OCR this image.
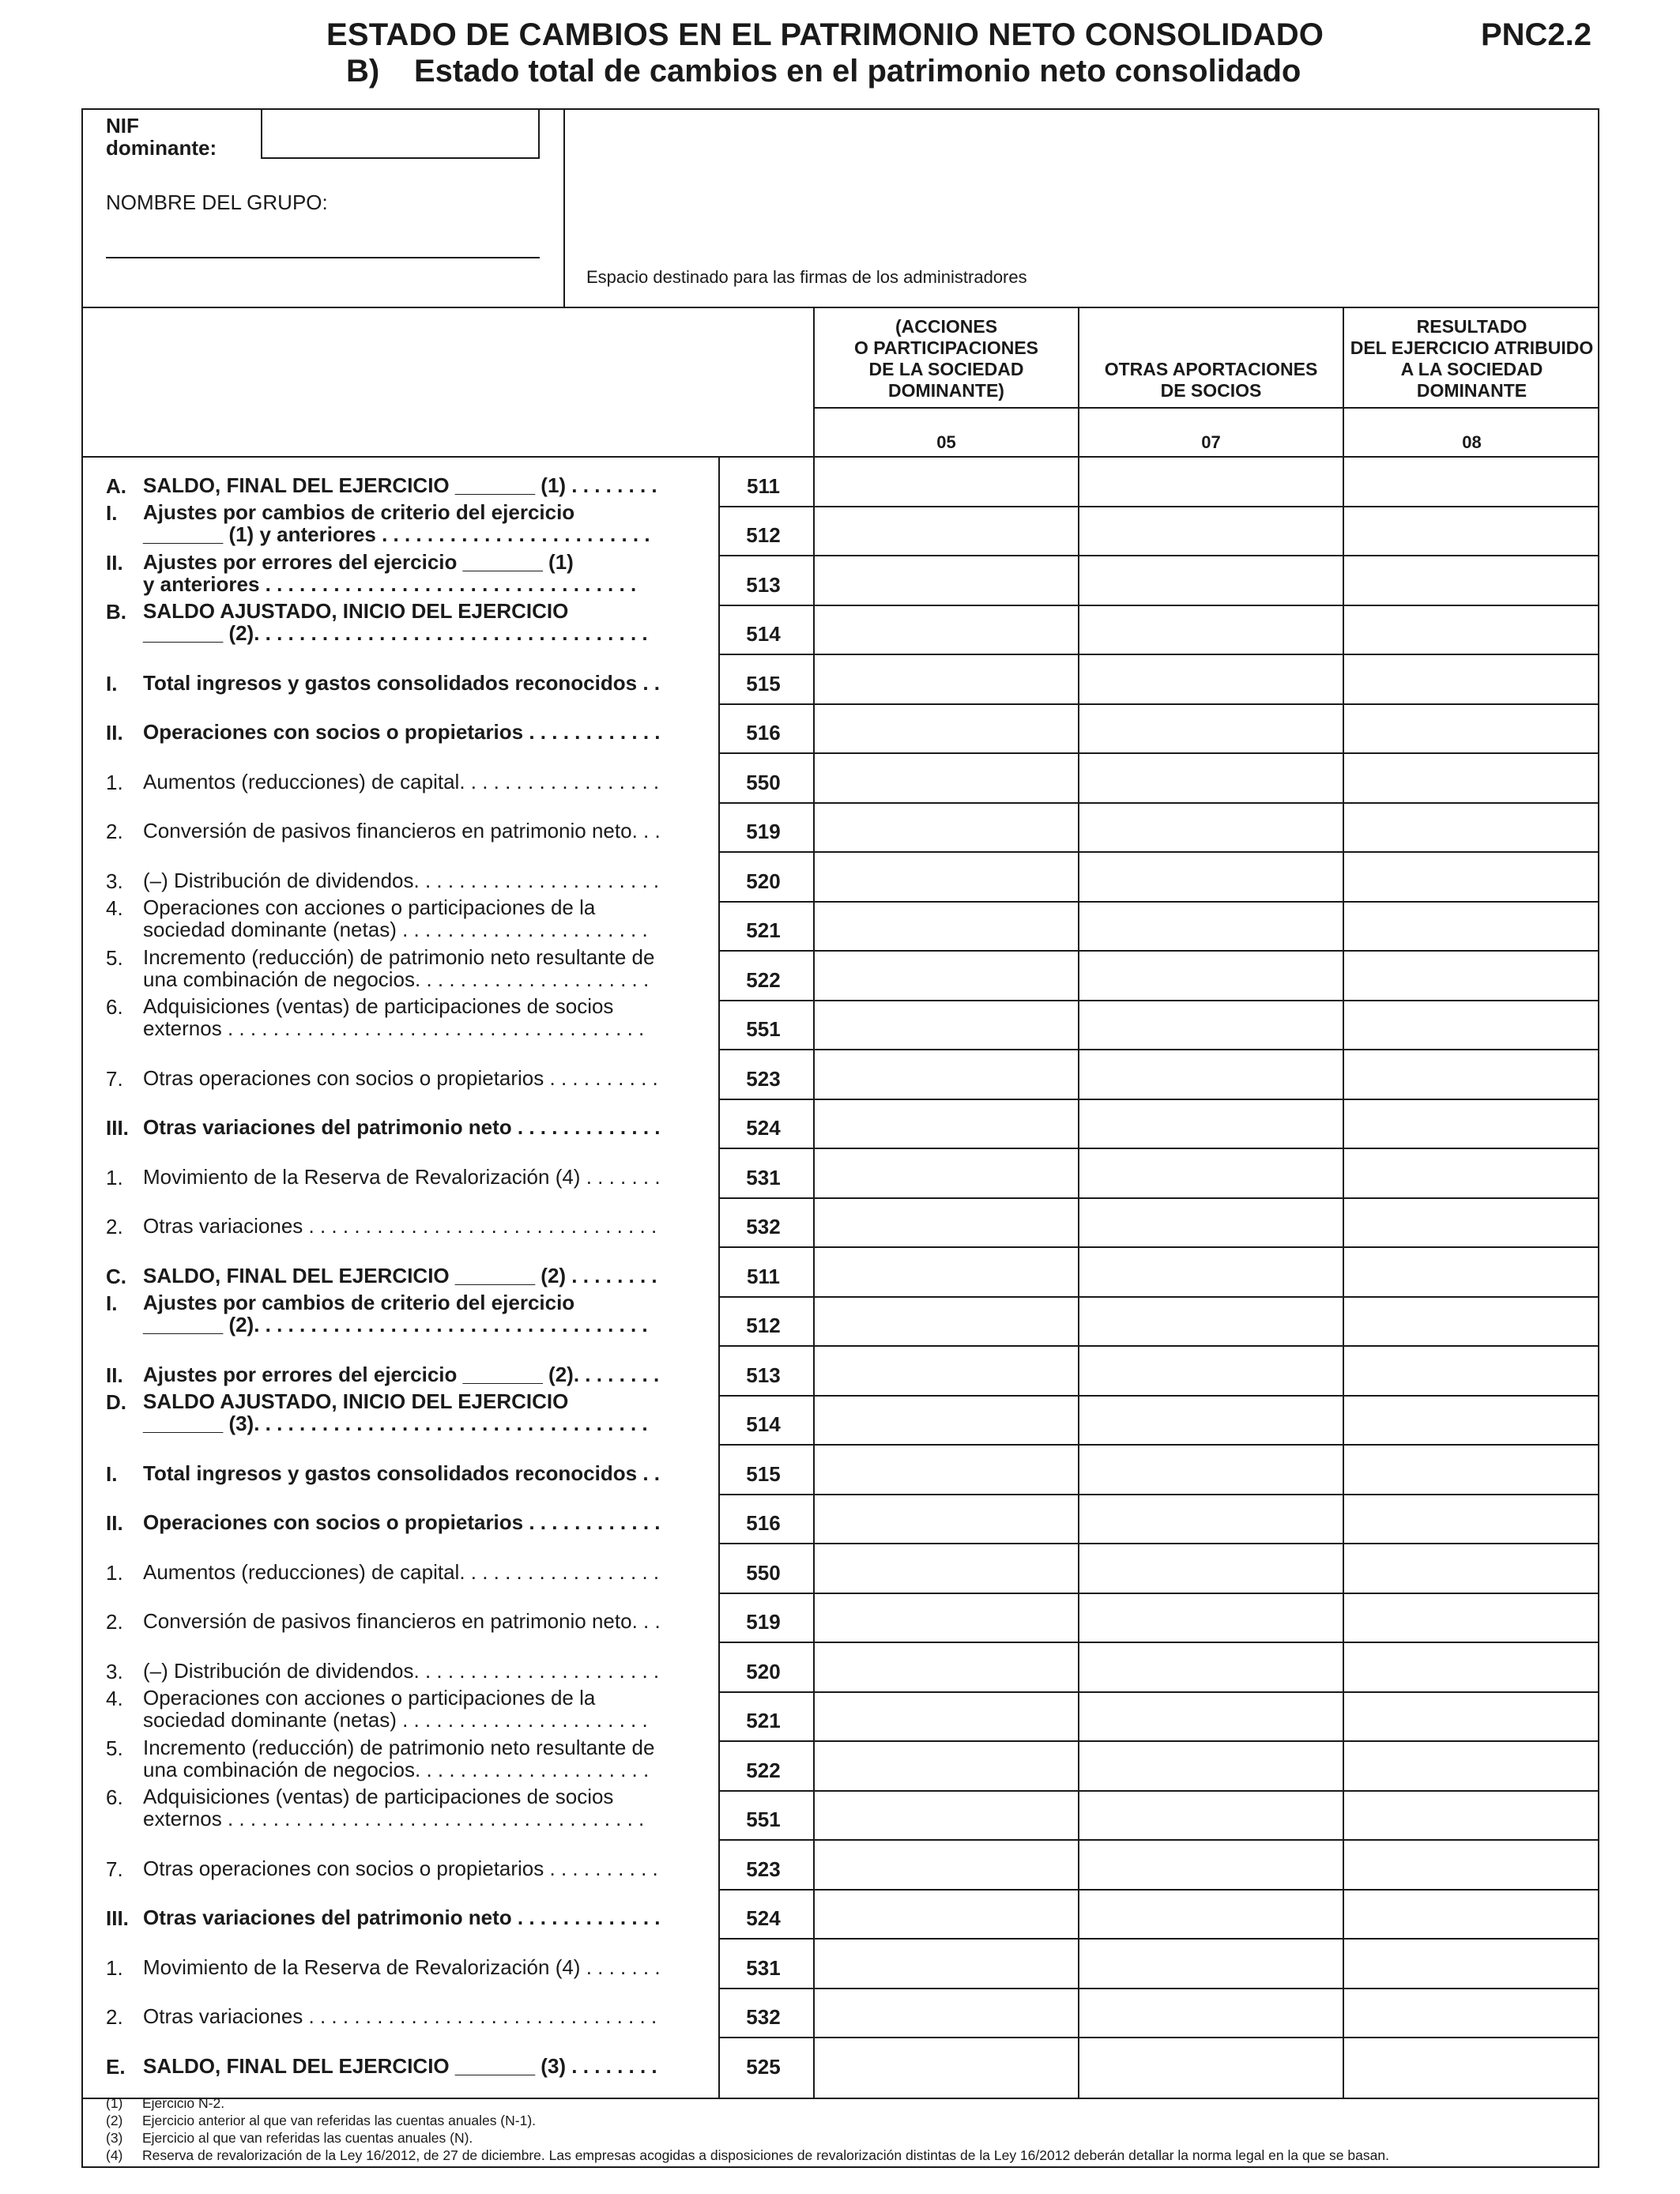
ESTADO DE CAMBIOS EN EL PATRIMONIO NETO CONSOLIDADO	PNC2.2
B) Estado total de cambios en el patrimonio neto consolidado
NIF
dominante:
NOMBRE DEL GRUPO:
Espacio destinado para las firmas de los administradores
(ACCIONES
O PARTICIPACIONES
DE LA SOCIEDAD
DOMINANTE)
OTRAS APORTACIONES
DE SOCIOS
RESULTADO
DEL EJERCICIO ATRIBUIDO
A LA SOCIEDAD
DOMINANTE
05	07	08
A. SALDO, FINAL DEL EJERCICIO _______ (1) . . . . . . . .	511
I. Ajustes por cambios de criterio del ejercicio
_______ (1) y anteriores . . . . . . . . . . . . . . . . . . . . . . . .	512
II. Ajustes por errores del ejercicio _______ (1)
y anteriores . . . . . . . . . . . . . . . . . . . . . . . . . . . . . . . . .	513
B. SALDO AJUSTADO, INICIO DEL EJERCICIO
_______ (2). . . . . . . . . . . . . . . . . . . . . . . . . . . . . . . . . . .	514
I. Total ingresos y gastos consolidados reconocidos . .	515
II. Operaciones con socios o propietarios . . . . . . . . . . . .	516
1. Aumentos (reducciones) de capital. . . . . . . . . . . . . . . . . .	550
2. Conversión de pasivos financieros en patrimonio neto. . .	519
3. (–) Distribución de dividendos. . . . . . . . . . . . . . . . . . . . . .	520
4. Operaciones con acciones o participaciones de la
sociedad dominante (netas) . . . . . . . . . . . . . . . . . . . . . .	521
5. Incremento (reducción) de patrimonio neto resultante de
una combinación de negocios. . . . . . . . . . . . . . . . . . . . .	522
6. Adquisiciones (ventas) de participaciones de socios
externos . . . . . . . . . . . . . . . . . . . . . . . . . . . . . . . . . . . . .	551
7. Otras operaciones con socios o propietarios . . . . . . . . . .	523
III. Otras variaciones del patrimonio neto . . . . . . . . . . . . .	524
1. Movimiento de la Reserva de Revalorización (4) . . . . . . .	531
2. Otras variaciones . . . . . . . . . . . . . . . . . . . . . . . . . . . . . . .	532
C. SALDO, FINAL DEL EJERCICIO _______ (2) . . . . . . . .	511
I. Ajustes por cambios de criterio del ejercicio
_______ (2). . . . . . . . . . . . . . . . . . . . . . . . . . . . . . . . . . .	512
II. Ajustes por errores del ejercicio _______ (2). . . . . . . .	513
D. SALDO AJUSTADO, INICIO DEL EJERCICIO
_______ (3). . . . . . . . . . . . . . . . . . . . . . . . . . . . . . . . . . .	514
I. Total ingresos y gastos consolidados reconocidos . .	515
II. Operaciones con socios o propietarios . . . . . . . . . . . .	516
1. Aumentos (reducciones) de capital. . . . . . . . . . . . . . . . . .	550
2. Conversión de pasivos financieros en patrimonio neto. . .	519
3. (–) Distribución de dividendos. . . . . . . . . . . . . . . . . . . . . .	520
4. Operaciones con acciones o participaciones de la
sociedad dominante (netas) . . . . . . . . . . . . . . . . . . . . . .	521
5. Incremento (reducción) de patrimonio neto resultante de
una combinación de negocios. . . . . . . . . . . . . . . . . . . . .	522
6. Adquisiciones (ventas) de participaciones de socios
externos . . . . . . . . . . . . . . . . . . . . . . . . . . . . . . . . . . . . .	551
7. Otras operaciones con socios o propietarios . . . . . . . . . .	523
III. Otras variaciones del patrimonio neto . . . . . . . . . . . . .	524
1. Movimiento de la Reserva de Revalorización (4) . . . . . . .	531
2. Otras variaciones . . . . . . . . . . . . . . . . . . . . . . . . . . . . . . .	532
E. SALDO, FINAL DEL EJERCICIO _______ (3) . . . . . . . .	525
(1) Ejercicio N-2.
(2) Ejercicio anterior al que van referidas las cuentas anuales (N-1).
(3) Ejercicio al que van referidas las cuentas anuales (N).
(4) Reserva de revalorización de la Ley 16/2012, de 27 de diciembre. Las empresas acogidas a disposiciones de revalorización distintas de la Ley 16/2012 deberán detallar la norma legal en la que se basan.
